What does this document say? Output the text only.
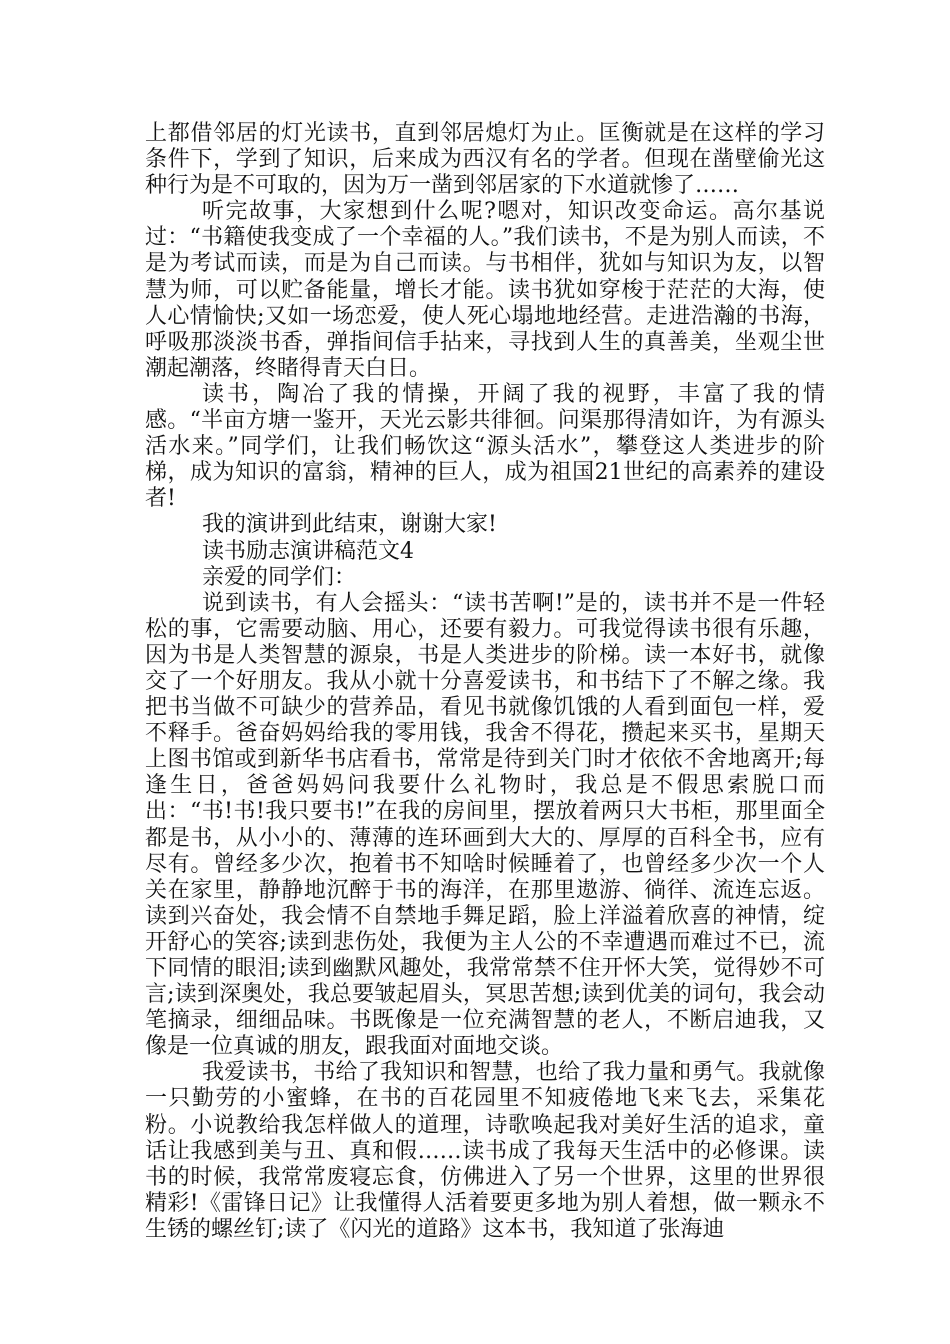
上都借邻居的灯光读书，直到邻居熄灯为止。匡衡就是在这样的学习条件下，学到了知识，后来成为西汉有名的学者。但现在凿壁偷光这种行为是不可取的，因为万一凿到邻居家的下水道就惨了……

听完故事，大家想到什么呢?嗯对，知识改变命运。高尔基说过：“书籍使我变成了一个幸福的人。”我们读书，不是为别人而读，不是为考试而读，而是为自己而读。与书相伴，犹如与知识为友，以智慧为师，可以贮备能量，增长才能。读书犹如穿梭于茫茫的大海，使人心情愉快;又如一场恋爱，使人死心塌地地经营。走进浩瀚的书海，呼吸那淡淡书香，弹指间信手拈来，寻找到人生的真善美，坐观尘世潮起潮落，终睹得青天白日。

读书，陶冶了我的情操，开阔了我的视野，丰富了我的情感。“半亩方塘一鉴开，天光云影共徘徊。问渠那得清如许，为有源头活水来。”同学们，让我们畅饮这“源头活水”，攀登这人类进步的阶梯，成为知识的富翁，精神的巨人，成为祖国21世纪的高素养的建设者!

我的演讲到此结束，谢谢大家!

读书励志演讲稿范文4

亲爱的同学们：

说到读书，有人会摇头：“读书苦啊!”是的，读书并不是一件轻松的事，它需要动脑、用心，还要有毅力。可我觉得读书很有乐趣，因为书是人类智慧的源泉，书是人类进步的阶梯。读一本好书，就像交了一个好朋友。我从小就十分喜爱读书，和书结下了不解之缘。我把书当做不可缺少的营养品，看见书就像饥饿的人看到面包一样，爱不释手。爸奋妈妈给我的零用钱，我舍不得花，攒起来买书，星期天上图书馆或到新华书店看书，常常是待到关门时才依依不舍地离开;每逢生日，爸爸妈妈问我要什么礼物时，我总是不假思索脱口而出：“书!书!我只要书!”在我的房间里，摆放着两只大书柜，那里面全都是书，从小小的、薄薄的连环画到大大的、厚厚的百科全书，应有尽有。曾经多少次，抱着书不知啥时候睡着了，也曾经多少次一个人关在家里，静静地沉醉于书的海洋，在那里遨游、徜徉、流连忘返。读到兴奋处，我会情不自禁地手舞足蹈，脸上洋溢着欣喜的神情，绽开舒心的笑容;读到悲伤处，我便为主人公的不幸遭遇而难过不已，流下同情的眼泪;读到幽默风趣处，我常常禁不住开怀大笑，觉得妙不可言;读到深奥处，我总要皱起眉头，冥思苦想;读到优美的词句，我会动笔摘录，细细品味。书既像是一位充满智慧的老人，不断启迪我，又像是一位真诚的朋友，跟我面对面地交谈。

我爱读书，书给了我知识和智慧，也给了我力量和勇气。我就像一只勤劳的小蜜蜂，在书的百花园里不知疲倦地飞来飞去，采集花粉。小说教给我怎样做人的道理，诗歌唤起我对美好生活的追求，童话让我感到美与丑、真和假……读书成了我每天生活中的必修课。读书的时候，我常常废寝忘食，仿佛进入了另一个世界，这里的世界很精彩!《雷锋日记》让我懂得人活着要更多地为别人着想，做一颗永不生锈的螺丝钉;读了《闪光的道路》这本书，我知道了张海迪
